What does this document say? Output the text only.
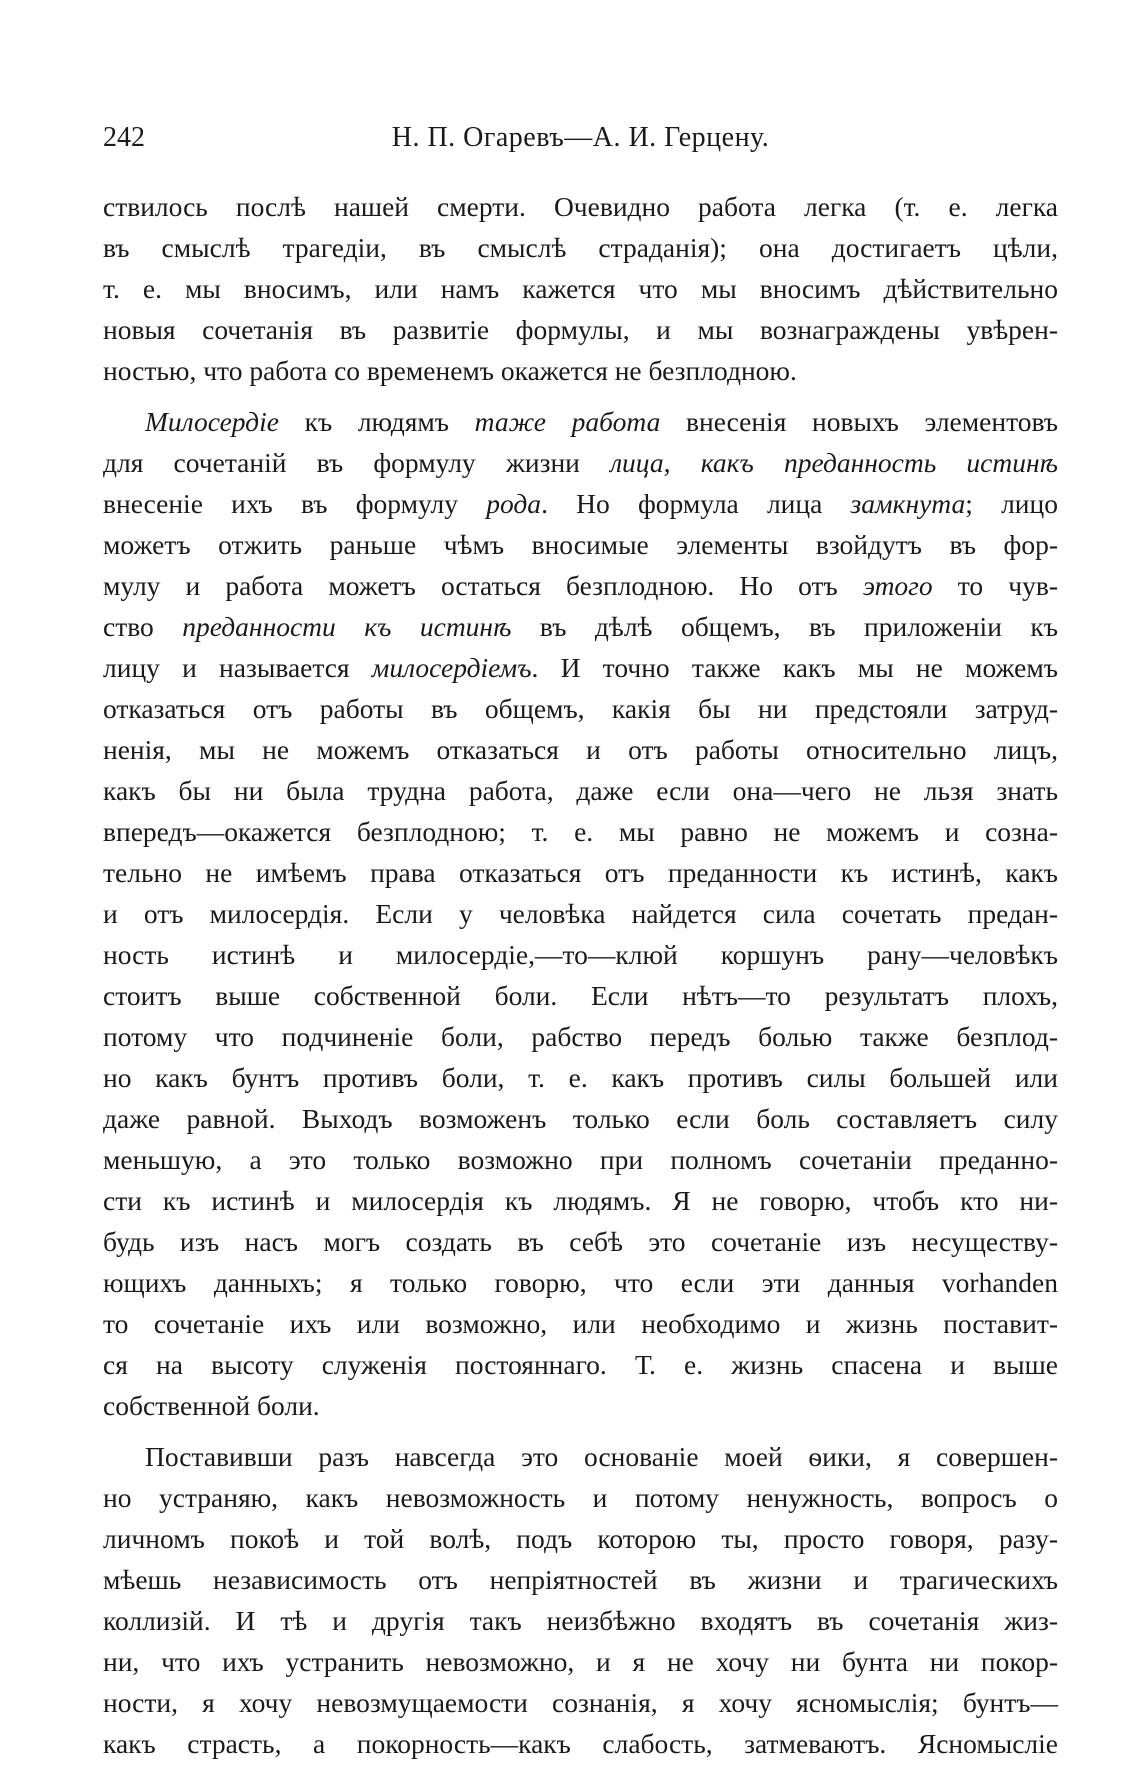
242	Н. П. Огаревъ—А. И. Герцену.
ствилось послѣ нашей смерти. Очевидно работа легка (т. е. легка
въ смыслѣ трагедіи, въ смыслѣ страданія); она достигаетъ цѣли,
т. е. мы вносимъ, или намъ кажется что мы вносимъ дѣйствительно
новыя сочетанія въ развитіе формулы, и мы вознаграждены увѣрен-
ностью, что работа со временемъ окажется не безплодною.
Милосердіе къ людямъ таже работа внесенія новыхъ элементовъ
для сочетаній въ формулу жизни лица, какъ преданность истинѣ
внесеніе ихъ въ формулу рода. Но формула лица замкнута; лицо
можетъ отжить раньше чѣмъ вносимые элементы взойдутъ въ фор-
мулу и работа можетъ остаться безплодною. Но отъ этого то чув-
ство преданности къ истинѣ въ дѣлѣ общемъ, въ приложеніи къ
лицу и называется милосердіемъ. И точно также какъ мы не можемъ
отказаться отъ работы въ общемъ, какія бы ни предстояли затруд-
ненія, мы не можемъ отказаться и отъ работы относительно лицъ,
какъ бы ни была трудна работа, даже если она—чего не льзя знать
впередъ—окажется безплодною; т. е. мы равно не можемъ и созна-
тельно не имѣемъ права отказаться отъ преданности къ истинѣ, какъ
и отъ милосердія. Если у человѣка найдется сила сочетать предан-
ность истинѣ и милосердіе,—то—клюй коршунъ рану—человѣкъ
стоитъ выше собственной боли. Если нѣтъ—то результатъ плохъ,
потому что подчиненіе боли, рабство передъ болью также безплод-
но какъ бунтъ противъ боли, т. е. какъ противъ силы большей или
даже равной. Выходъ возможенъ только если боль составляетъ силу
меньшую, а это только возможно при полномъ сочетаніи преданно-
сти къ истинѣ и милосердія къ людямъ. Я не говорю, чтобъ кто ни-
будь изъ насъ могъ создать въ себѣ это сочетаніе изъ несуществу-
ющихъ данныхъ; я только говорю, что если эти данныя vorhanden
то сочетаніе ихъ или возможно, или необходимо и жизнь поставит-
ся на высоту служенія постояннаго. Т. е. жизнь спасена и выше
собственной боли.
Поставивши разъ навсегда это основаніе моей ѳики, я совершен-
но устраняю, какъ невозможность и потому ненужность, вопросъ о
личномъ покоѣ и той волѣ, подъ которою ты, просто говоря, разу-
мѣешь независимость отъ непріятностей въ жизни и трагическихъ
коллизій. И тѣ и другія такъ неизбѣжно входятъ въ сочетанія жиз-
ни, что ихъ устранить невозможно, и я не хочу ни бунта ни покор-
ности, я хочу невозмущаемости сознанія, я хочу ясномыслія; бунтъ—
какъ страсть, а покорность—какъ слабость, затмеваютъ. Ясномысліе
